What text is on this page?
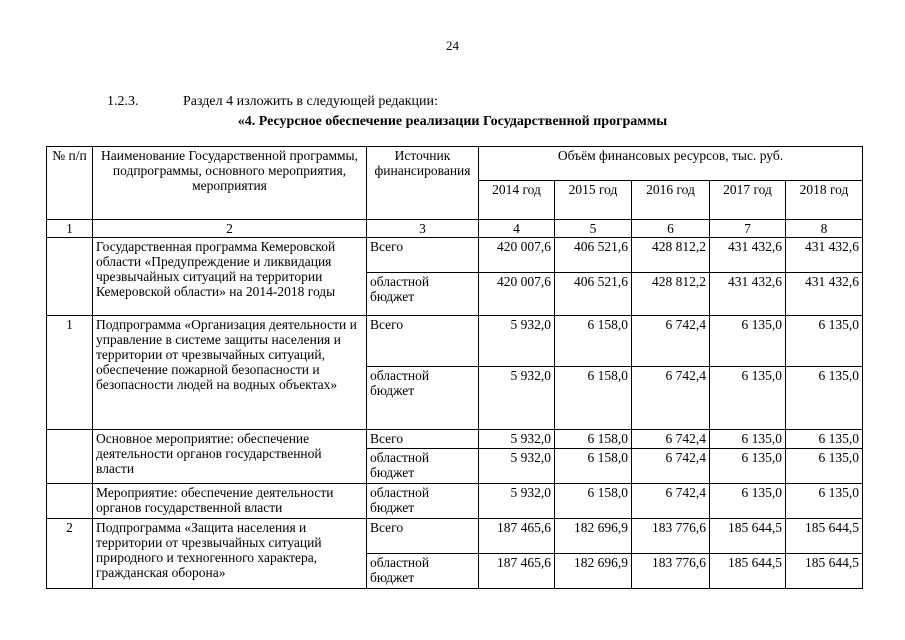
24
1.2.3.	Раздел 4 изложить в следующей редакции:
«4. Ресурсное обеспечение реализации Государственной программы
№ п/п	Наименование Государственной программы, подпрограммы, основного мероприятия, мероприятия	Источник финансирования	Объём финансовых ресурсов, тыс. руб.				
			2014 год	2015 год	2016 год	2017 год	2018 год
1	2	3	4	5	6	7	8
	Государственная программа Кемеровской области «Предупреждение и ликвидация чрезвычайных ситуаций на территории Кемеровской области» на 2014-2018 годы	Всего	420 007,6	406 521,6	428 812,2	431 432,6	431 432,6
		областной бюджет	420 007,6	406 521,6	428 812,2	431 432,6	431 432,6
1	Подпрограмма «Организация деятельности и управление в системе защиты населения и территории от чрезвычайных ситуаций, обеспечение пожарной безопасности и безопасности людей на водных объектах»	Всего	5 932,0	6 158,0	6 742,4	6 135,0	6 135,0
		областной бюджет	5 932,0	6 158,0	6 742,4	6 135,0	6 135,0
	Основное мероприятие: обеспечение деятельности органов государственной власти	Всего	5 932,0	6 158,0	6 742,4	6 135,0	6 135,0
		областной бюджет	5 932,0	6 158,0	6 742,4	6 135,0	6 135,0
	Мероприятие: обеспечение деятельности органов государственной власти	областной бюджет	5 932,0	6 158,0	6 742,4	6 135,0	6 135,0
2	Подпрограмма «Защита населения и территории от чрезвычайных ситуаций природного и техногенного характера, гражданская оборона»	Всего	187 465,6	182 696,9	183 776,6	185 644,5	185 644,5
		областной бюджет	187 465,6	182 696,9	183 776,6	185 644,5	185 644,5
